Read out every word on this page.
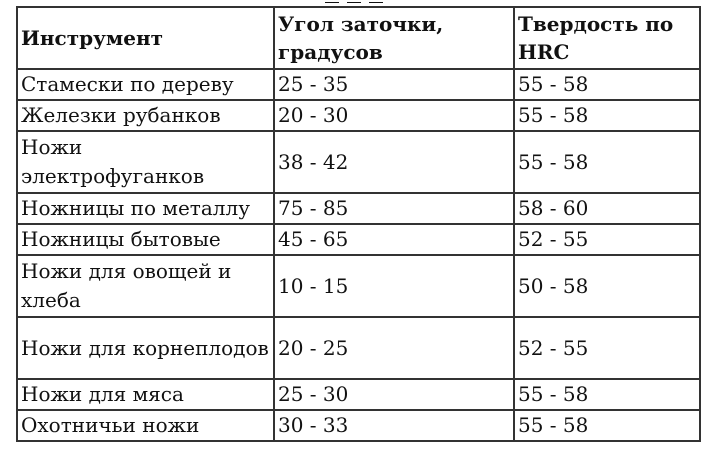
Инструмент	Угол заточки, градусов	Твердость по HRC
Стамески по дереву	25 - 35	55 - 58
Железки рубанков	20 - 30	55 - 58
Ножи электрофуганков	38 - 42	55 - 58
Ножницы по металлу	75 - 85	58 - 60
Ножницы бытовые	45 - 65	52 - 55
Ножи для овощей и хлеба	10 - 15	50 - 58
Ножи для корнеплодов	20 - 25	52 - 55
Ножи для мяса	25 - 30	55 - 58
Охотничьи ножи	30 - 33	55 - 58
